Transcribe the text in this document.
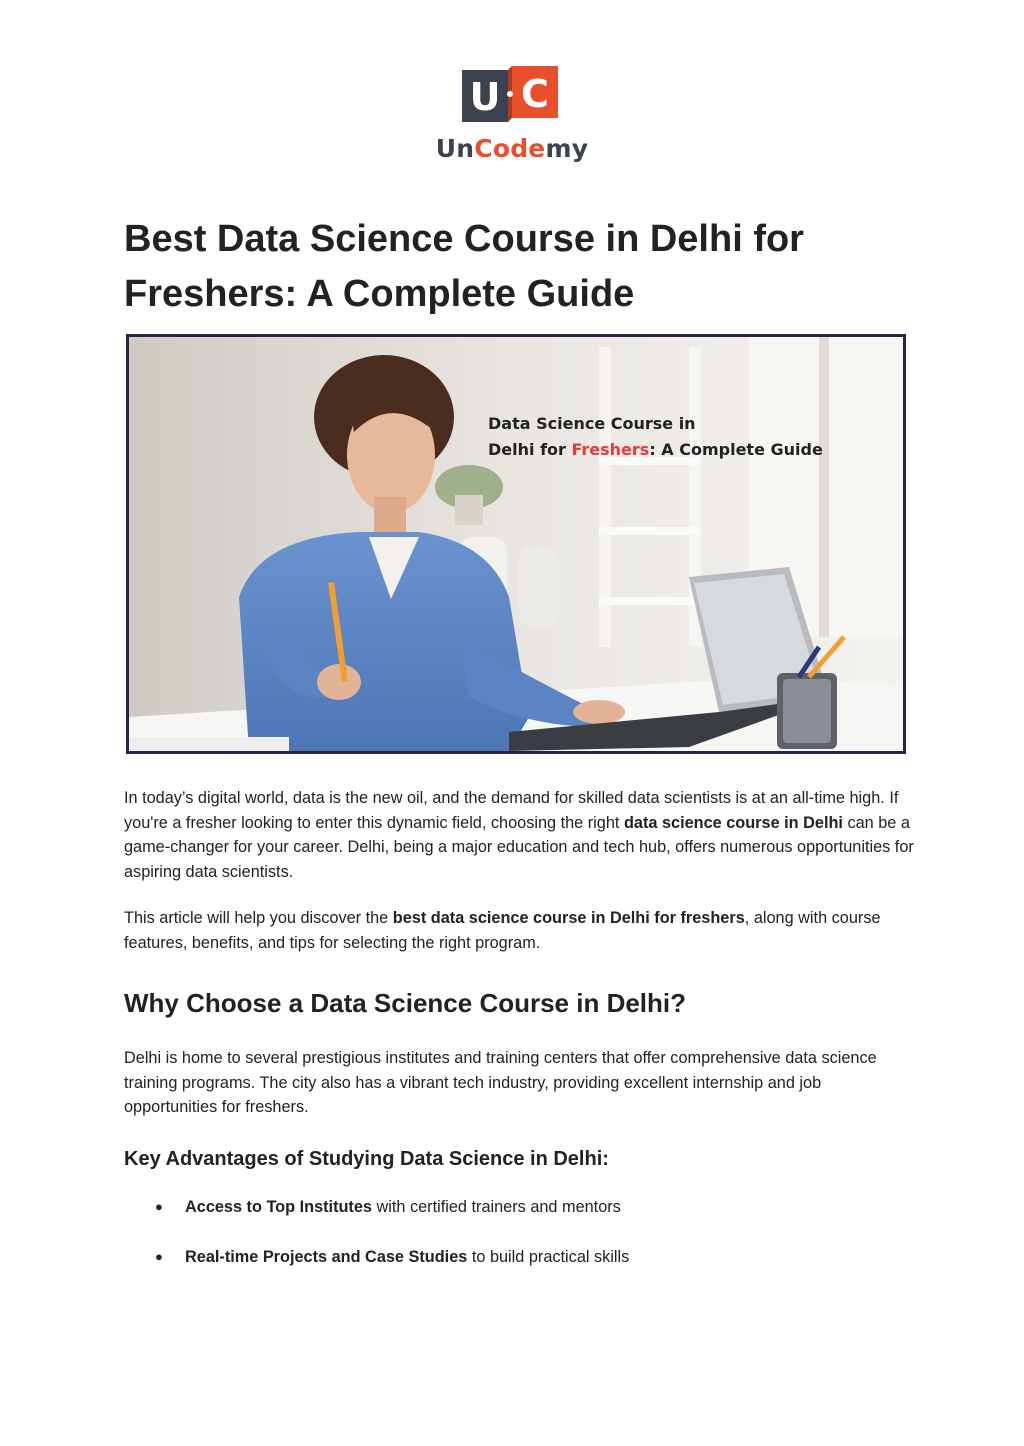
U C
UnCodemy
Best Data Science Course in Delhi for Freshers: A Complete Guide
Data Science Course in
Delhi for Freshers: A Complete Guide

In today’s digital world, data is the new oil, and the demand for skilled data scientists is at an all-time high. If you're a fresher looking to enter this dynamic field, choosing the right data science course in Delhi can be a game-changer for your career. Delhi, being a major education and tech hub, offers numerous opportunities for aspiring data scientists.

This article will help you discover the best data science course in Delhi for freshers, along with course features, benefits, and tips for selecting the right program.

Why Choose a Data Science Course in Delhi?

Delhi is home to several prestigious institutes and training centers that offer comprehensive data science training programs. The city also has a vibrant tech industry, providing excellent internship and job opportunities for freshers.

Key Advantages of Studying Data Science in Delhi:
● Access to Top Institutes with certified trainers and mentors
● Real-time Projects and Case Studies to build practical skills
